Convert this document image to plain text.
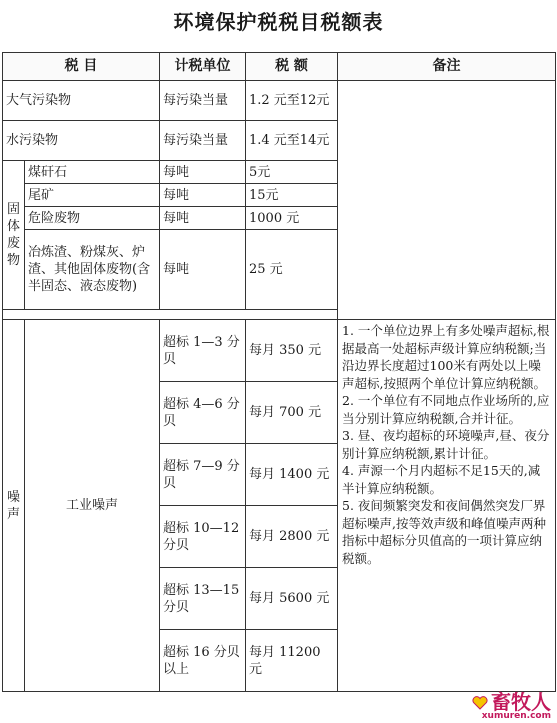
环境保护税税目税额表
税 目		计税单位	税 额	备注
大气污染物		每污染当量	1.2 元至12元	
水污染物		每污染当量	1.4 元至14元	

固体废物	煤矸石	每吨	5元	
	尾矿	每吨	15元	
	危险废物	每吨	1000 元	
	冶炼渣、粉煤灰、炉渣、其他固体废物(含半固态、液态废物)	每吨	25 元	

噪声	工业噪声	超标 1—3 分贝	每月 350 元	1. 一个单位边界上有多处噪声超标,根据最高一处超标声级计算应纳税额;当沿边界长度超过100米有两处以上噪声超标,按照两个单位计算应纳税额。

2. 一个单位有不同地点作业场所的,应当分别计算应纳税额,合并计征。

3. 昼、夜均超标的环境噪声,昼、夜分别计算应纳税额,累计计征。

4. 声源一个月内超标不足15天的,减半计算应纳税额。

5. 夜间频繁突发和夜间偶然突发厂界超标噪声,按等效声级和峰值噪声两种指标中超标分贝值高的一项计算应纳税额。

		超标 4—6 分贝	每月 700 元	
		超标 7—9 分贝	每月 1400 元	
		超标 10—12 分贝	每月 2800 元	
		超标 13—15 分贝	每月 5600 元	
		超标 16 分贝以上	每月 11200 元	
畜牧人
xumuren.com
